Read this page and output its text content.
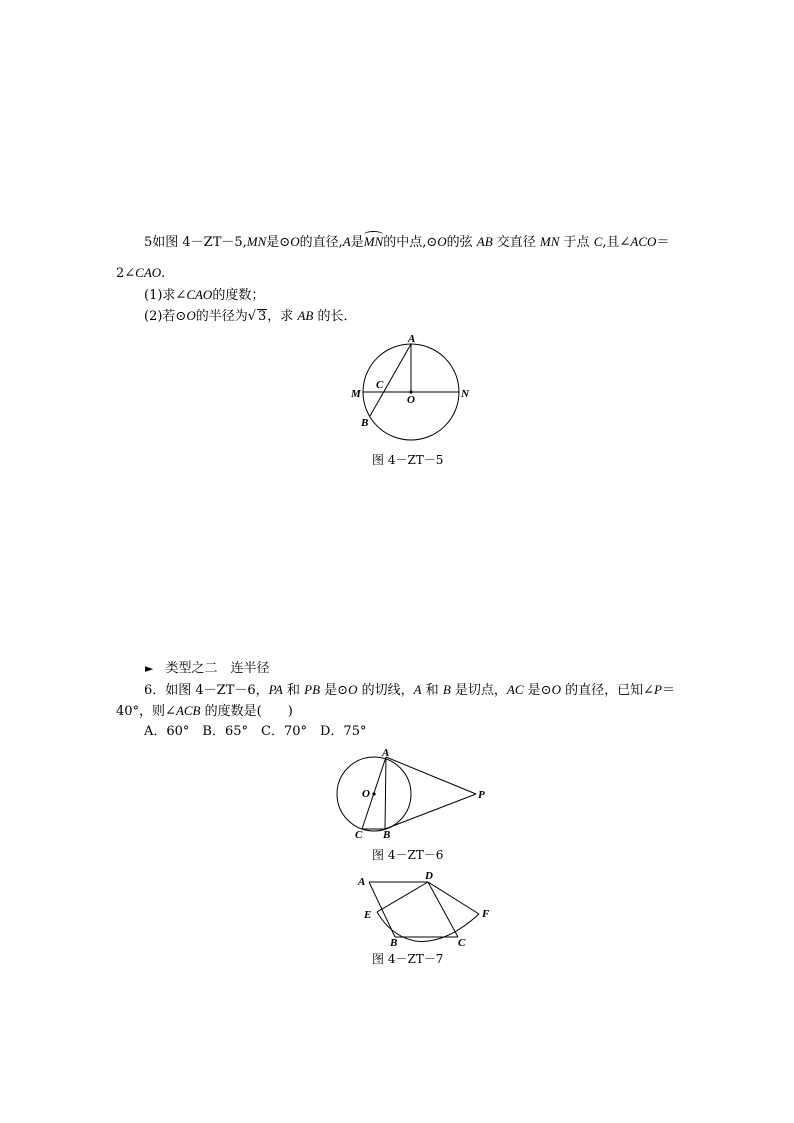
5如图 4－ZT－5,MN是⊙O的直径,A是MN的中点,⊙O的弦 AB 交直径 MN 于点 C,且∠ACO＝
2∠CAO.
(1)求∠CAO的度数；
(2)若⊙O的半径为√ 3，求 AB 的长．
A
C
O
M	N
B
图 4－ZT－5
► 类型之二　连半径
6．如图 4－ZT－6，PA 和 PB 是⊙O 的切线，A 和 B 是切点，AC 是⊙O 的直径，已知∠P＝
40°，则∠ACB 的度数是(　　)
A．60°　B．65°　C．70°　D．75°
A
O	P
C B
图 4－ZT－6
A	D
E	F
B	C
图 4－ZT－7
